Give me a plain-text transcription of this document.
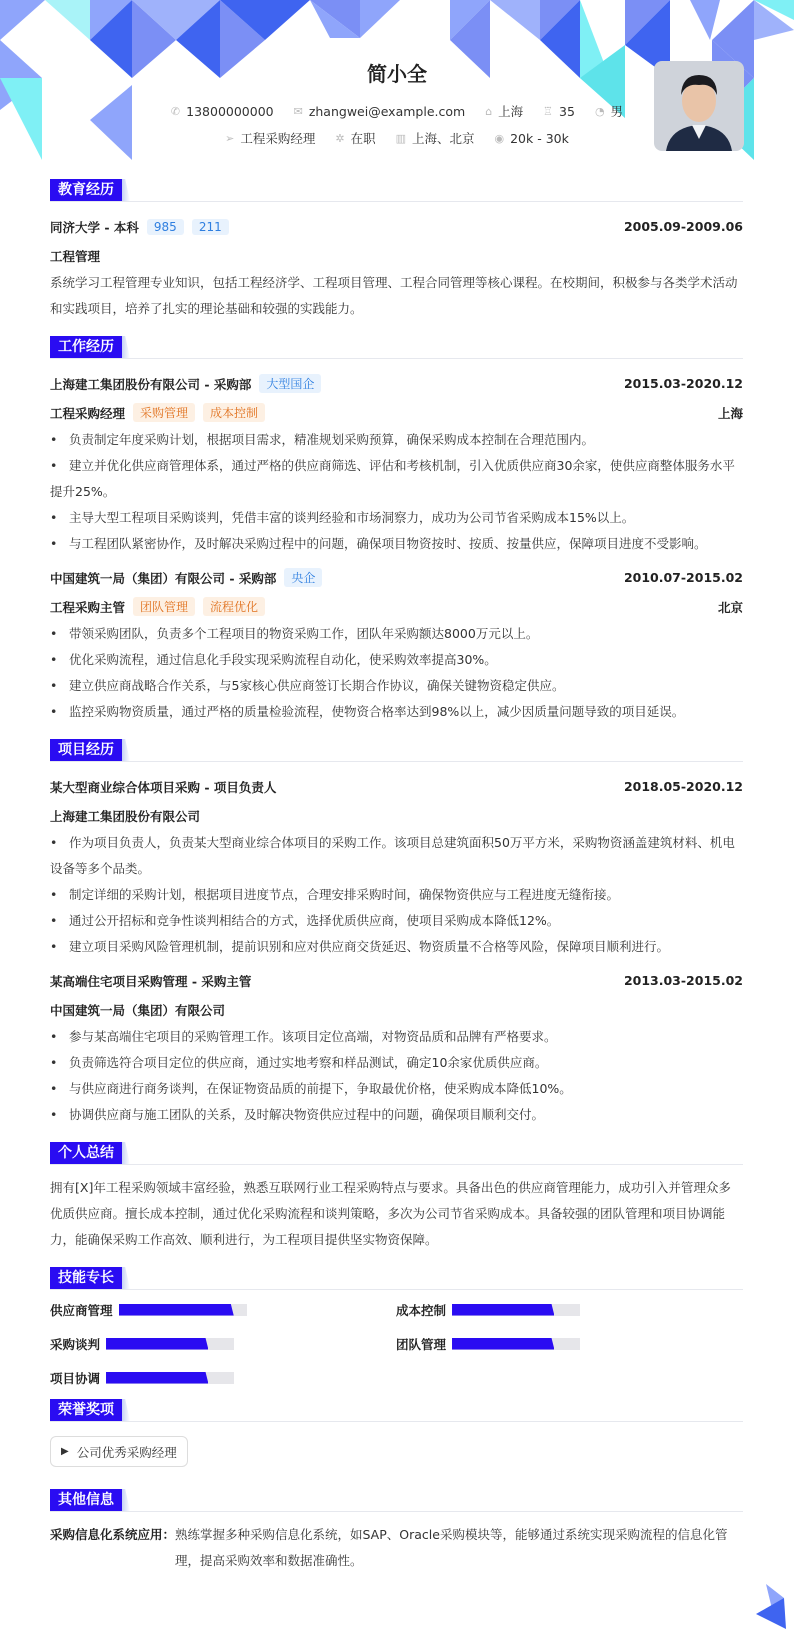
简小全
✆ 13800000000
✉ zhangwei@example.com
⌂ 上海
♖ 35
◔ 男
➢ 工程采购经理
✲ 在职
▥ 上海、北京
◉ 20k - 30k
教育经历
同济大学 - 本科	985	211	2005.09-2009.06
工程管理
系统学习工程管理专业知识，包括工程经济学、工程项目管理、工程合同管理等核心课程。在校期间，积极参与各类学术活动和实践项目，培养了扎实的理论基础和较强的实践能力。
工作经历
上海建工集团股份有限公司 - 采购部	大型国企	2015.03-2020.12
工程采购经理	采购管理	成本控制	上海
• 负责制定年度采购计划，根据项目需求，精准规划采购预算，确保采购成本控制在合理范围内。
• 建立并优化供应商管理体系，通过严格的供应商筛选、评估和考核机制，引入优质供应商30余家，使供应商整体服务水平提升25%。
• 主导大型工程项目采购谈判，凭借丰富的谈判经验和市场洞察力，成功为公司节省采购成本15%以上。
• 与工程团队紧密协作，及时解决采购过程中的问题，确保项目物资按时、按质、按量供应，保障项目进度不受影响。
中国建筑一局（集团）有限公司 - 采购部	央企	2010.07-2015.02
工程采购主管	团队管理	流程优化	北京
• 带领采购团队，负责多个工程项目的物资采购工作，团队年采购额达8000万元以上。
• 优化采购流程，通过信息化手段实现采购流程自动化，使采购效率提高30%。
• 建立供应商战略合作关系，与5家核心供应商签订长期合作协议，确保关键物资稳定供应。
• 监控采购物资质量，通过严格的质量检验流程，使物资合格率达到98%以上，减少因质量问题导致的项目延误。
项目经历
某大型商业综合体项目采购 - 项目负责人	2018.05-2020.12
上海建工集团股份有限公司
• 作为项目负责人，负责某大型商业综合体项目的采购工作。该项目总建筑面积50万平方米，采购物资涵盖建筑材料、机电设备等多个品类。
• 制定详细的采购计划，根据项目进度节点，合理安排采购时间，确保物资供应与工程进度无缝衔接。
• 通过公开招标和竞争性谈判相结合的方式，选择优质供应商，使项目采购成本降低12%。
• 建立项目采购风险管理机制，提前识别和应对供应商交货延迟、物资质量不合格等风险，保障项目顺利进行。
某高端住宅项目采购管理 - 采购主管	2013.03-2015.02
中国建筑一局（集团）有限公司
• 参与某高端住宅项目的采购管理工作。该项目定位高端，对物资品质和品牌有严格要求。
• 负责筛选符合项目定位的供应商，通过实地考察和样品测试，确定10余家优质供应商。
• 与供应商进行商务谈判，在保证物资品质的前提下，争取最优价格，使采购成本降低10%。
• 协调供应商与施工团队的关系，及时解决物资供应过程中的问题，确保项目顺利交付。
个人总结
拥有[X]年工程采购领域丰富经验，熟悉互联网行业工程采购特点与要求。具备出色的供应商管理能力，成功引入并管理众多优质供应商。擅长成本控制，通过优化采购流程和谈判策略，多次为公司节省采购成本。具备较强的团队管理和项目协调能力，能确保采购工作高效、顺利进行，为工程项目提供坚实物资保障。
技能专长
供应商管理	成本控制
采购谈判	团队管理
项目协调
荣誉奖项
▶ 公司优秀采购经理
其他信息
采购信息化系统应用： 熟练掌握多种采购信息化系统，如SAP、Oracle采购模块等，能够通过系统实现采购流程的信息化管理，提高采购效率和数据准确性。
